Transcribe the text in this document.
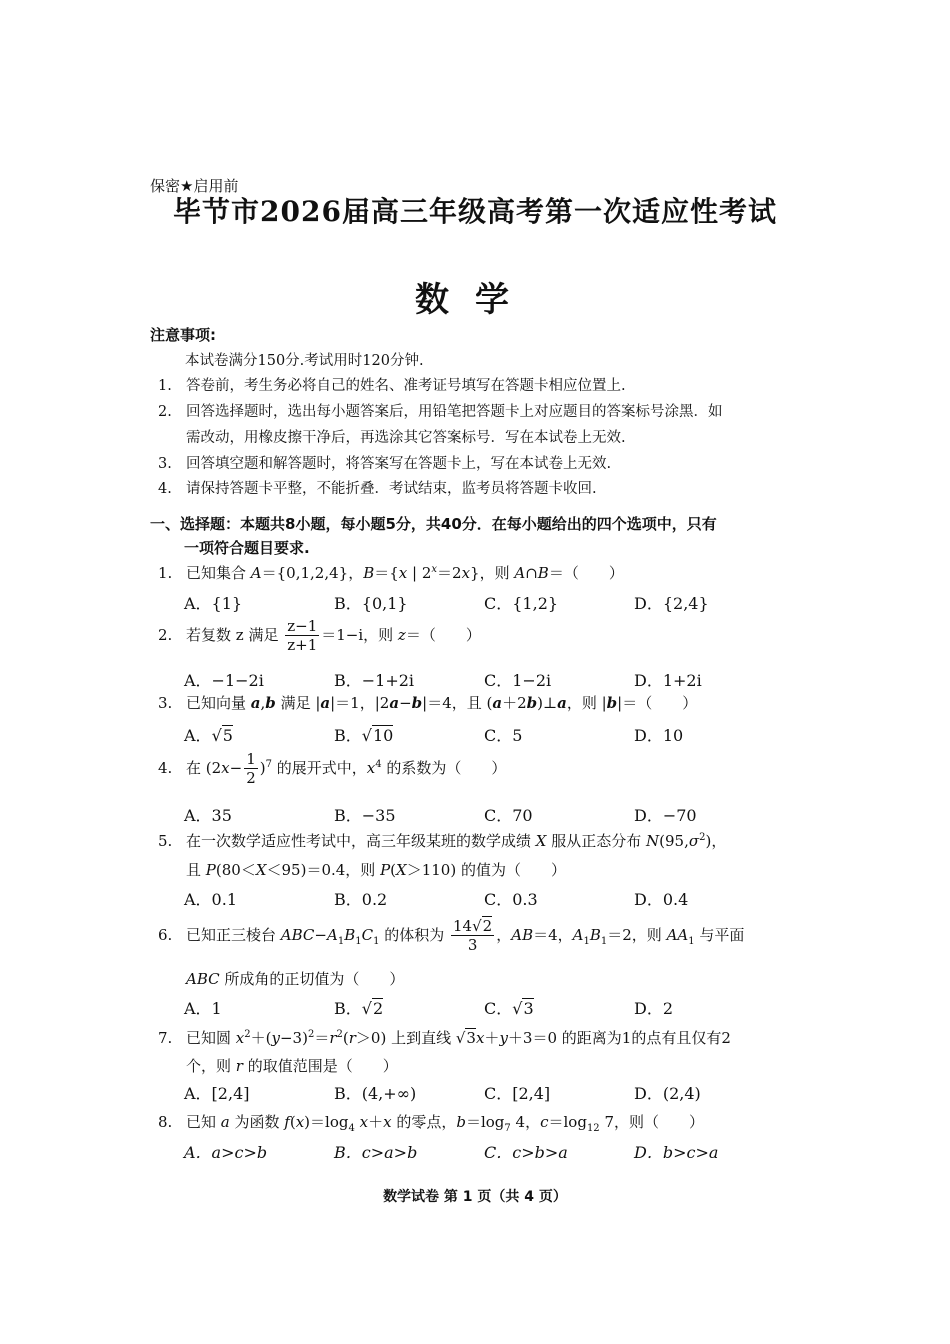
保密★启用前
毕节市2026届高三年级高考第一次适应性考试
数学
注意事项:
本试卷满分150分.考试用时120分钟.
1. 答卷前，考生务必将自己的姓名、准考证号填写在答题卡相应位置上.
2. 回答选择题时，选出每小题答案后，用铅笔把答题卡上对应题目的答案标号涂黑．如
需改动，用橡皮擦干净后，再选涂其它答案标号．写在本试卷上无效.
3. 回答填空题和解答题时，将答案写在答题卡上，写在本试卷上无效.
4. 请保持答题卡平整，不能折叠．考试结束，监考员将答题卡收回.
一、选择题：本题共8小题，每小题5分，共40分．在每小题给出的四个选项中，只有
一项符合题目要求.
1. 已知集合 A＝{0,1,2,4}，B＝{x | $2^x=2x$}，则 A∩B＝（　　）
A．{1}	B．{0,1}	C．{1,2}	D．{2,4}
2. 若复数 z 满足 $\frac{z-1}{z+1} =1-i$，则 z＝（　　）
A．−1−2i	B．−1+2i	C．1−2i	D．1+2i
3. 已知向量 a,b 满足 |a|＝1，|2a−b|＝4，且 (a＋2b)⊥a，则 |b|＝（　　）
A．√5	B．√10	C．5	D．10
4. 在 $(2x- \frac{1}{2} )^7$ 的展开式中，$x^4$ 的系数为（　　）
A．35	B．−35	C．70	D．−70
5. 在一次数学适应性考试中，高三年级某班的数学成绩 X 服从正态分布 $N(95,\sigma^2)$，
且 P(80＜X＜95)＝0.4，则 P(X＞110) 的值为（　　）
A．0.1	B．0.2	C．0.3	D．0.4
6. 已知正三棱台 $ABC-A_1B_1C_1$ 的体积为 $\frac{14√2}{3}$ ，AB＝4，$A_1B_1=2$，则 $AA_1$ 与平面
ABC 所成角的正切值为（　　）
A．1	B．√2	C．√3	D．2
7. 已知圆 $x^2+(y-3)^2=r^2(r>0)$ 上到直线 √3x＋y＋3＝0 的距离为1的点有且仅有2
个，则 r 的取值范围是（　　）
A．[2,4]	B．(4,+∞)	C．[2,4]	D．(2,4)
8. 已知 a 为函数 $f(x)=\log_4$ x＋x 的零点，$b=\log_7$ 4，$c=\log_{12}$ 7，则（　　）
A．a>c>b	B．c>a>b	C．c>b>a	D．b>c>a
数学试卷 第 1 页（共 4 页）
